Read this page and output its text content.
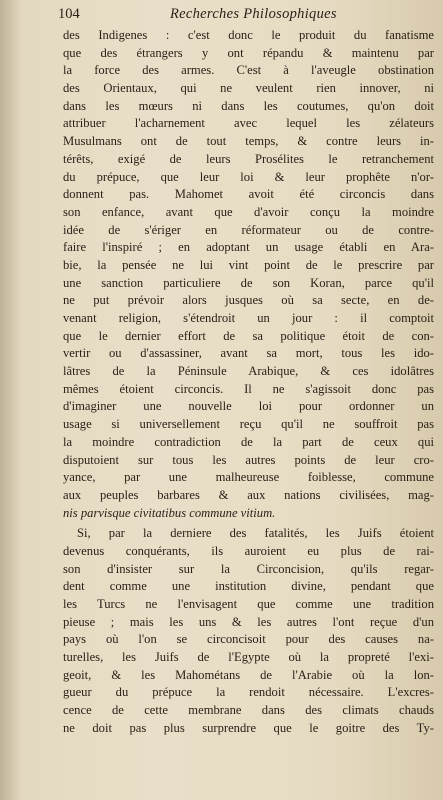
104	Recherches Philosophiques
des Indigenes : c'est donc le produit du fanatisme
que des étrangers y ont répandu & maintenu par
la force des armes. C'est à l'aveugle obstination
des Orientaux, qui ne veulent rien innover, ni
dans les mœurs ni dans les coutumes, qu'on doit
attribuer l'acharnement avec lequel les zélateurs
Musulmans ont de tout temps, & contre leurs in-
térêts, exigé de leurs Prosélites le retranchement
du prépuce, que leur loi & leur prophête n'or-
donnent pas. Mahomet avoit été circoncis dans
son enfance, avant que d'avoir conçu la moindre
idée de s'ériger en réformateur ou de contre-
faire l'inspiré ; en adoptant un usage établi en Ara-
bie, la pensée ne lui vint point de le prescrire par
une sanction particuliere de son Koran, parce qu'il
ne put prévoir alors jusques où sa secte, en de-
venant religion, s'étendroit un jour : il comptoit
que le dernier effort de sa politique étoit de con-
vertir ou d'assassiner, avant sa mort, tous les ido-
lâtres de la Péninsule Arabique, & ces idolâtres
mêmes étoient circoncis. Il ne s'agissoit donc pas
d'imaginer une nouvelle loi pour ordonner un
usage si universellement reçu qu'il ne souffroit pas
la moindre contradiction de la part de ceux qui
disputoient sur tous les autres points de leur cro-
yance, par une malheureuse foiblesse, commune
aux peuples barbares & aux nations civilisées, mag-
nis parvisque civitatibus commune vitium.
Si, par la derniere des fatalités, les Juifs étoient
devenus conquérants, ils auroient eu plus de rai-
son d'insister sur la Circoncision, qu'ils regar-
dent comme une institution divine, pendant que
les Turcs ne l'envisagent que comme une tradition
pieuse ; mais les uns & les autres l'ont reçue d'un
pays où l'on se circoncisoit pour des causes na-
turelles, les Juifs de l'Egypte où la propreté l'exi-
geoit, & les Mahométans de l'Arabie où la lon-
gueur du prépuce la rendoit nécessaire. L'excres-
cence de cette membrane dans des climats chauds
ne doit pas plus surprendre que le goitre des Ty-
